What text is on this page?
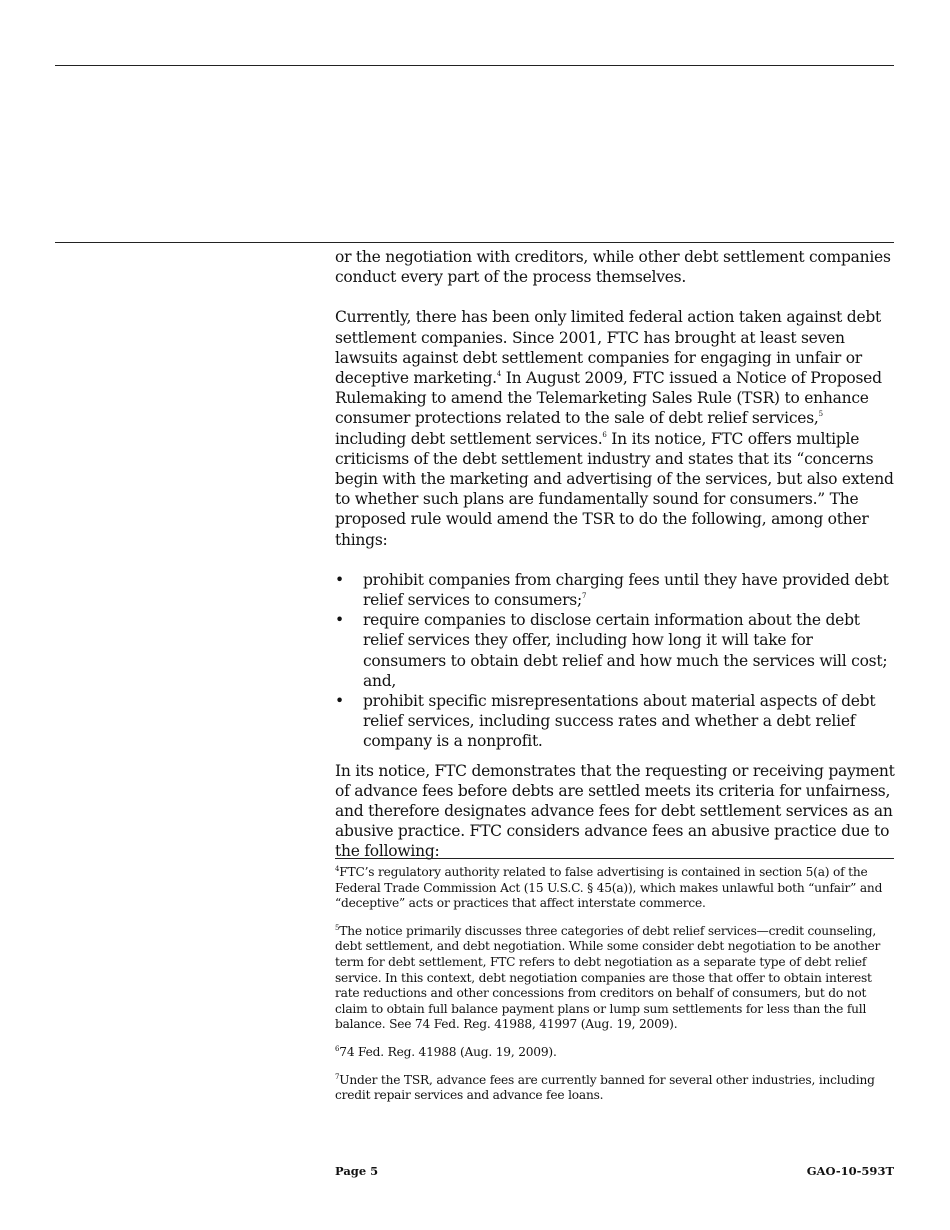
or the negotiation with creditors, while other debt settlement companies conduct every part of the process themselves.

Currently, there has been only limited federal action taken against debt settlement companies. Since 2001, FTC has brought at least seven lawsuits against debt settlement companies for engaging in unfair or deceptive marketing.$^4$ In August 2009, FTC issued a Notice of Proposed Rulemaking to amend the Telemarketing Sales Rule (TSR) to enhance consumer protections related to the sale of debt relief services,$^5$ including debt settlement services.$^6$ In its notice, FTC offers multiple criticisms of the debt settlement industry and states that its “concerns begin with the marketing and advertising of the services, but also extend to whether such plans are fundamentally sound for consumers.” The proposed rule would amend the TSR to do the following, among other things:

• prohibit companies from charging fees until they have provided debt relief services to consumers;$^7$
• require companies to disclose certain information about the debt relief services they offer, including how long it will take for consumers to obtain debt relief and how much the services will cost; and,
• prohibit specific misrepresentations about material aspects of debt relief services, including success rates and whether a debt relief company is a nonprofit.

In its notice, FTC demonstrates that the requesting or receiving payment of advance fees before debts are settled meets its criteria for unfairness, and therefore designates advance fees for debt settlement services as an abusive practice. FTC considers advance fees an abusive practice due to the following:

$^4$FTC’s regulatory authority related to false advertising is contained in section 5(a) of the Federal Trade Commission Act (15 U.S.C. § 45(a)), which makes unlawful both “unfair” and “deceptive” acts or practices that affect interstate commerce.

$^5$The notice primarily discusses three categories of debt relief services—credit counseling, debt settlement, and debt negotiation. While some consider debt negotiation to be another term for debt settlement, FTC refers to debt negotiation as a separate type of debt relief service. In this context, debt negotiation companies are those that offer to obtain interest rate reductions and other concessions from creditors on behalf of consumers, but do not claim to obtain full balance payment plans or lump sum settlements for less than the full balance. See 74 Fed. Reg. 41988, 41997 (Aug. 19, 2009).

$^6$74 Fed. Reg. 41988 (Aug. 19, 2009).

$^7$Under the TSR, advance fees are currently banned for several other industries, including credit repair services and advance fee loans.

Page 5	GAO-10-593T
